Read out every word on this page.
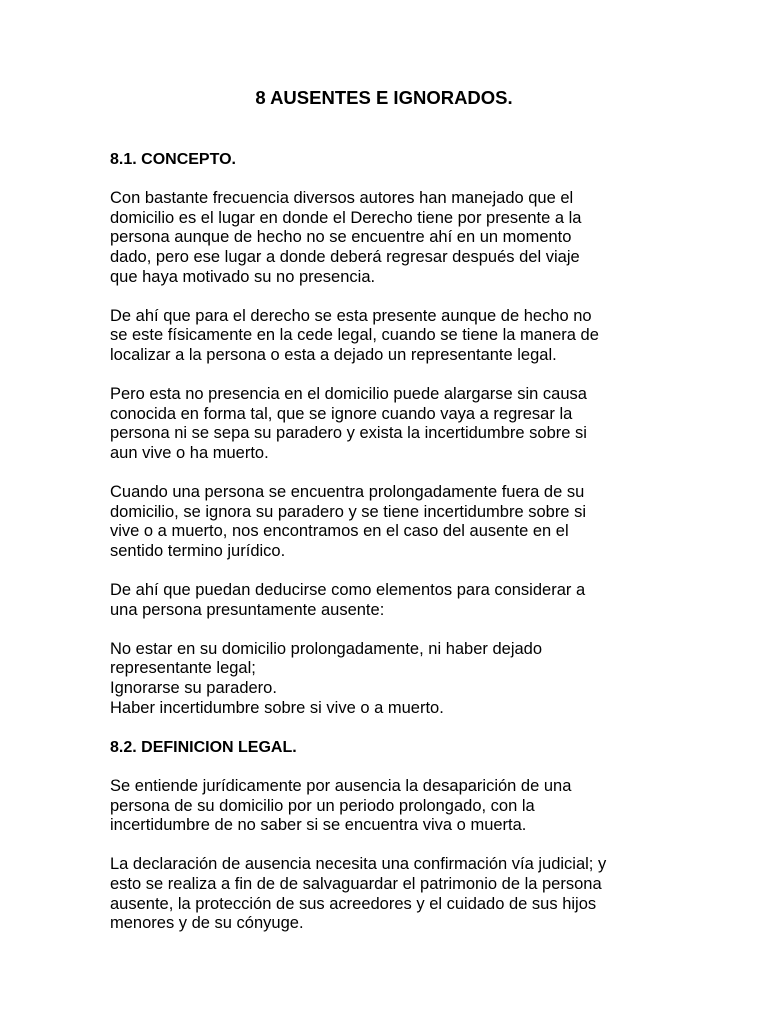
8 AUSENTES E IGNORADOS.
8.1. CONCEPTO.
Con bastante frecuencia diversos autores han manejado que el
domicilio es el lugar en donde el Derecho tiene por presente a la
persona aunque de hecho no se encuentre ahí en un momento
dado, pero ese lugar a donde deberá regresar después del viaje
que haya motivado su no presencia.
De ahí que para el derecho se esta presente aunque de hecho no
se este físicamente en la cede legal, cuando se tiene la manera de
localizar a la persona o esta a dejado un representante legal.
Pero esta no presencia en el domicilio puede alargarse sin causa
conocida en forma tal, que se ignore cuando vaya a regresar la
persona ni se sepa su paradero y exista la incertidumbre sobre si
aun vive o ha muerto.
Cuando una persona se encuentra prolongadamente fuera de su
domicilio, se ignora su paradero y se tiene incertidumbre sobre si
vive o a muerto, nos encontramos en el caso del ausente en el
sentido termino jurídico.
De ahí que puedan deducirse como elementos para considerar a
una persona presuntamente ausente:
No estar en su domicilio prolongadamente, ni haber dejado
representante legal;
Ignorarse su paradero.
Haber incertidumbre sobre si vive o a muerto.
8.2. DEFINICION LEGAL.
Se entiende jurídicamente por ausencia la desaparición de una
persona de su domicilio por un periodo prolongado, con la
incertidumbre de no saber si se encuentra viva o muerta.
La declaración de ausencia necesita una confirmación vía judicial; y
esto se realiza a fin de de salvaguardar el patrimonio de la persona
ausente, la protección de sus acreedores y el cuidado de sus hijos
menores y de su cónyuge.
